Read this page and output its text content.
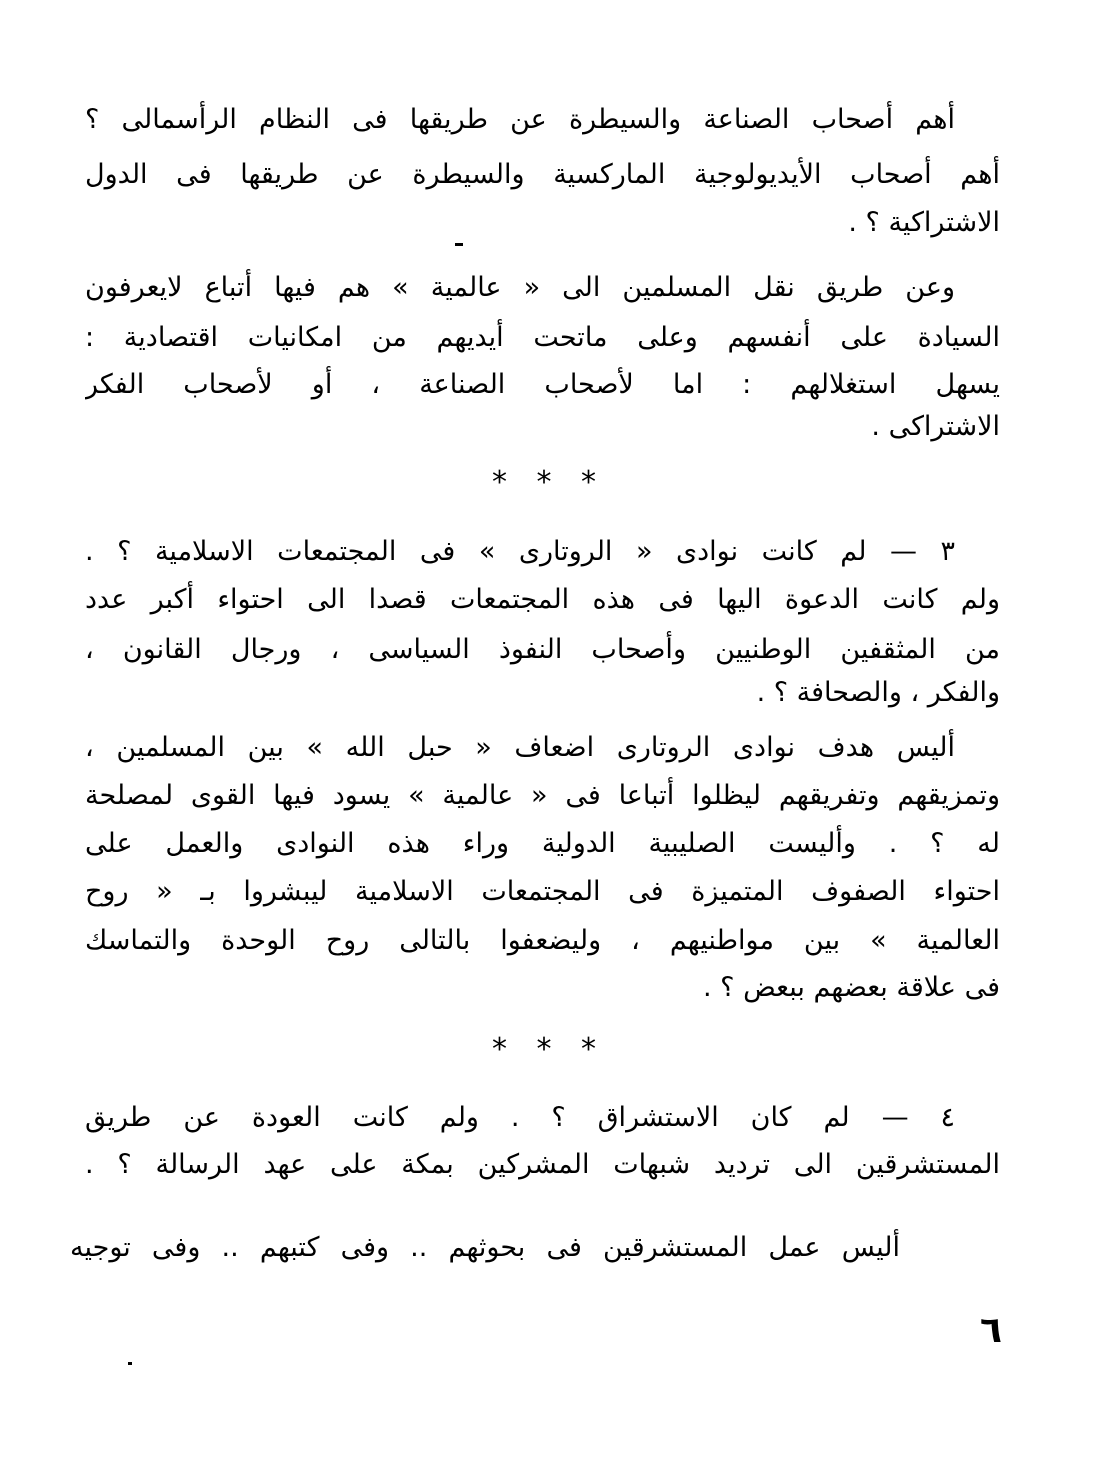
أهم أصحاب الصناعة والسيطرة عن طريقها فى النظام الرأسمالى ؟
أهم أصحاب الأيديولوجية الماركسية والسيطرة عن طريقها فى الدول
الاشتراكية ؟ .
وعن طريق نقل المسلمين الى « عالمية » هم فيها أتباع لايعرفون
السيادة على أنفسهم وعلى ماتحت أيديهم من امكانيات اقتصادية :
يسهل استغلالهم : اما لأصحاب الصناعة ، أو لأصحاب الفكر
الاشتراكى .
* * *
٣ — لم كانت نوادى « الروتارى » فى المجتمعات الاسلامية ؟ .
ولم كانت الدعوة اليها فى هذه المجتمعات قصدا الى احتواء أكبر عدد
من المثقفين الوطنيين وأصحاب النفوذ السياسى ، ورجال القانون ،
والفكر ، والصحافة ؟ .
أليس هدف نوادى الروتارى اضعاف « حبل الله » بين المسلمين ،
وتمزيقهم وتفريقهم ليظلوا أتباعا فى « عالمية » يسود فيها القوى لمصلحة
له ؟ . وأليست الصليبية الدولية وراء هذه النوادى والعمل على
احتواء الصفوف المتميزة فى المجتمعات الاسلامية ليبشروا بـ « روح
العالمية » بين مواطنيهم ، وليضعفوا بالتالى روح الوحدة والتماسك
فى علاقة بعضهم ببعض ؟ .
* * *
٤ — لم كان الاستشراق ؟ . ولم كانت العودة عن طريق
المستشرقين الى ترديد شبهات المشركين بمكة على عهد الرسالة ؟ .
أليس عمل المستشرقين فى بحوثهم .. وفى كتبهم .. وفى توجيه
٦
